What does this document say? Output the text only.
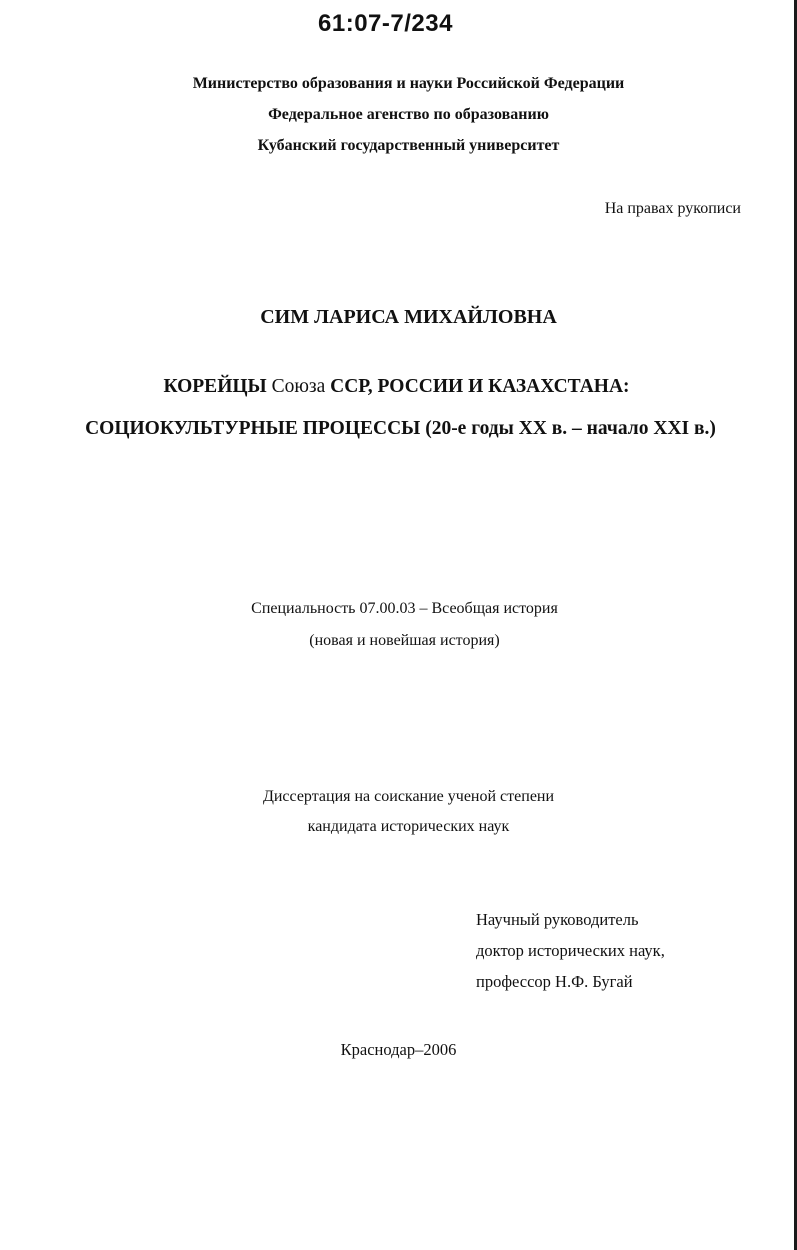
61:07-7/234
Министерство образования и науки Российской Федерации
Федеральное агенство по образованию
Кубанский государственный университет
На правах рукописи
СИМ ЛАРИСА МИХАЙЛОВНА
КОРЕЙЦЫ Союза ССР, РОССИИ И КАЗАХСТАНА:
СОЦИОКУЛЬТУРНЫЕ ПРОЦЕССЫ (20-е годы XX в. – начало XXI в.)
Специальность 07.00.03 – Всеобщая история
(новая и новейшая история)
Диссертация на соискание ученой степени
кандидата исторических наук
Научный руководитель
доктор исторических наук,
профессор Н.Ф. Бугай
Краснодар–2006
